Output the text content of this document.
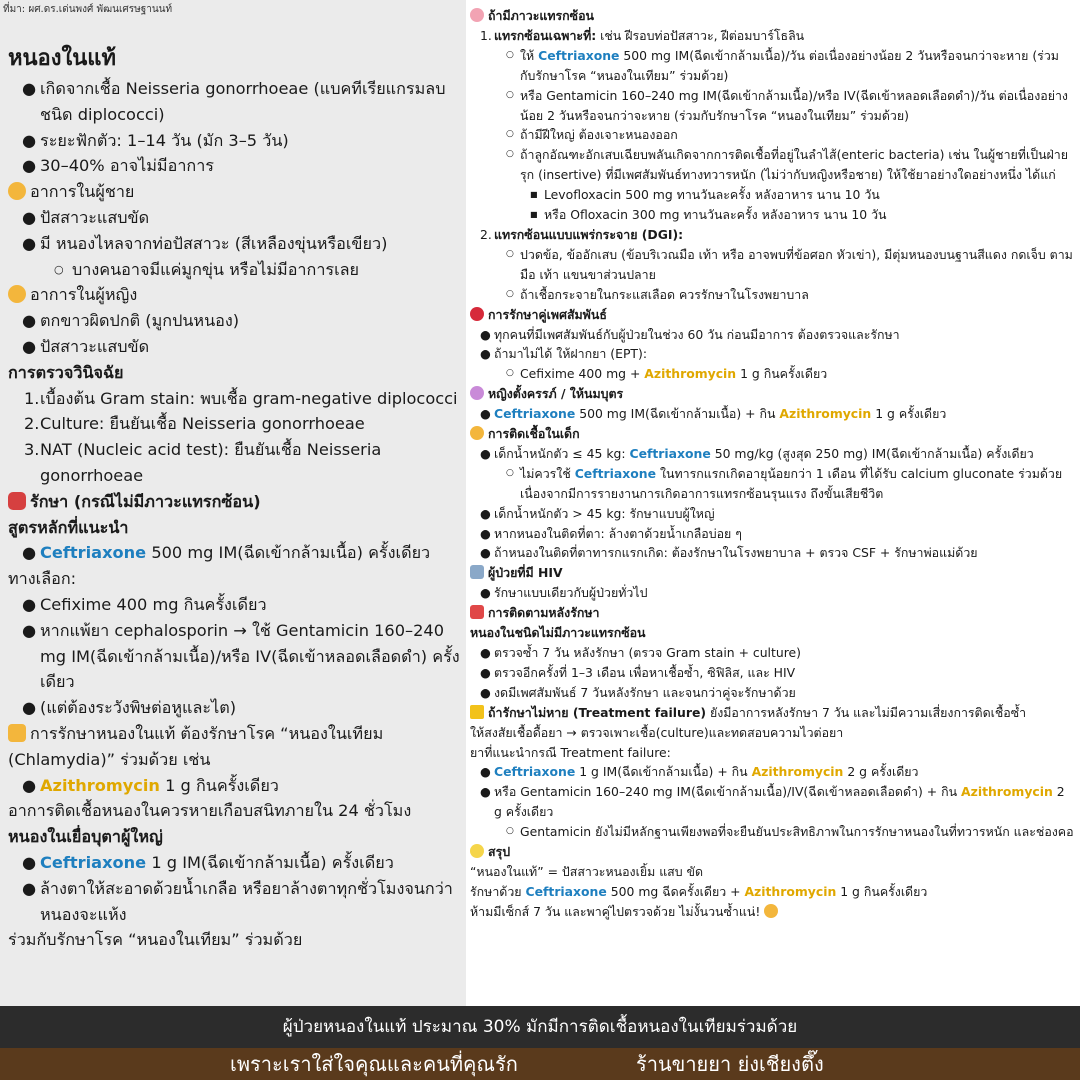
ที่มา: ผศ.ดร.เด่นพงศ์ พัฒนเศรษฐานนท์
หนองในแท้
● เกิดจากเชื้อ Neisseria gonorrhoeae (แบคทีเรียแกรมลบชนิด diplococci)
● ระยะฟักตัว: 1–14 วัน (มัก 3–5 วัน)
● 30–40% อาจไม่มีอาการ
อาการในผู้ชาย
● ปัสสาวะแสบขัด
● มี หนองไหลจากท่อปัสสาวะ (สีเหลืองขุ่นหรือเขียว)
○ บางคนอาจมีแค่มูกขุ่น หรือไม่มีอาการเลย
อาการในผู้หญิง
● ตกขาวผิดปกติ (มูกปนหนอง)
● ปัสสาวะแสบขัด
การตรวจวินิจฉัย
1. เบื้องต้น Gram stain: พบเชื้อ gram-negative diplococci
2. Culture: ยืนยันเชื้อ Neisseria gonorrhoeae
3. NAT (Nucleic acid test): ยืนยันเชื้อ Neisseria gonorrhoeae
รักษา (กรณีไม่มีภาวะแทรกซ้อน)
สูตรหลักที่แนะนำ
● Ceftriaxone 500 mg IM(ฉีดเข้ากล้ามเนื้อ) ครั้งเดียว
ทางเลือก:
● Cefixime 400 mg กินครั้งเดียว
● หากแพ้ยา cephalosporin → ใช้ Gentamicin 160–240 mg IM(ฉีดเข้ากล้ามเนื้อ)/หรือ IV(ฉีดเข้าหลอดเลือดดำ) ครั้งเดียว
● (แต่ต้องระวังพิษต่อหูและไต)
การรักษาหนองในแท้ ต้องรักษาโรค “หนองในเทียม (Chlamydia)” ร่วมด้วย เช่น
● Azithromycin 1 g กินครั้งเดียว
อาการติดเชื้อหนองในควรหายเกือบสนิทภายใน 24 ชั่วโมง
หนองในเยื่อบุตาผู้ใหญ่
● Ceftriaxone 1 g IM(ฉีดเข้ากล้ามเนื้อ) ครั้งเดียว
● ล้างตาให้สะอาดด้วยน้ำเกลือ หรือยาล้างตาทุกชั่วโมงจนกว่าหนองจะแห้ง
ร่วมกับรักษาโรค “หนองในเทียม” ร่วมด้วย
ถ้ามีภาวะแทรกซ้อน
1. แทรกซ้อนเฉพาะที่: เช่น ฝีรอบท่อปัสสาวะ, ฝีต่อมบาร์โธลิน
○ ให้ Ceftriaxone 500 mg IM(ฉีดเข้ากล้ามเนื้อ)/วัน ต่อเนื่องอย่างน้อย 2 วันหรือจนกว่าจะหาย (ร่วมกับรักษาโรค “หนองในเทียม” ร่วมด้วย)
○ หรือ Gentamicin 160–240 mg IM(ฉีดเข้ากล้ามเนื้อ)/หรือ IV(ฉีดเข้าหลอดเลือดดำ)/วัน ต่อเนื่องอย่างน้อย 2 วันหรือจนกว่าจะหาย (ร่วมกับรักษาโรค “หนองในเทียม” ร่วมด้วย)
○ ถ้ามีฝีใหญ่ ต้องเจาะหนองออก
○ ถ้าลูกอัณฑะอักเสบเฉียบพลันเกิดจากการติดเชื้อที่อยู่ในลำไส้(enteric bacteria) เช่น ในผู้ชายที่เป็นฝ่ายรุก (insertive) ที่มีเพศสัมพันธ์ทางทวารหนัก (ไม่ว่ากับหญิงหรือชาย) ให้ใช้ยาอย่างใดอย่างหนึ่ง ได้แก่
■ Levofloxacin 500 mg ทานวันละครั้ง หลังอาหาร นาน 10 วัน
■ หรือ Ofloxacin 300 mg ทานวันละครั้ง หลังอาหาร นาน 10 วัน
2. แทรกซ้อนแบบแพร่กระจาย (DGI):
○ ปวดข้อ, ข้ออักเสบ (ข้อบริเวณมือ เท้า หรือ อาจพบที่ข้อศอก หัวเข่า), มีตุ่มหนองบนฐานสีแดง กดเจ็บ ตามมือ เท้า แขนขาส่วนปลาย
○ ถ้าเชื้อกระจายในกระแสเลือด ควรรักษาในโรงพยาบาล
การรักษาคู่เพศสัมพันธ์
● ทุกคนที่มีเพศสัมพันธ์กับผู้ป่วยในช่วง 60 วัน ก่อนมีอาการ ต้องตรวจและรักษา
● ถ้ามาไม่ได้ ให้ฝากยา (EPT):
○ Cefixime 400 mg + Azithromycin 1 g กินครั้งเดียว
หญิงตั้งครรภ์ / ให้นมบุตร
● Ceftriaxone 500 mg IM(ฉีดเข้ากล้ามเนื้อ) + กิน Azithromycin 1 g ครั้งเดียว
การติดเชื้อในเด็ก
● เด็กน้ำหนักตัว ≤ 45 kg: Ceftriaxone 50 mg/kg (สูงสุด 250 mg) IM(ฉีดเข้ากล้ามเนื้อ) ครั้งเดียว
○ ไม่ควรใช้ Ceftriaxone ในทารกแรกเกิดอายุน้อยกว่า 1 เดือน ที่ได้รับ calcium gluconate ร่วมด้วย เนื่องจากมีการรายงานการเกิดอาการแทรกซ้อนรุนแรง ถึงขั้นเสียชีวิต
● เด็กน้ำหนักตัว > 45 kg: รักษาแบบผู้ใหญ่
● หากหนองในติดที่ตา: ล้างตาด้วยน้ำเกลือบ่อย ๆ
● ถ้าหนองในติดที่ตาทารกแรกเกิด: ต้องรักษาในโรงพยาบาล + ตรวจ CSF + รักษาพ่อแม่ด้วย
ผู้ป่วยที่มี HIV
● รักษาแบบเดียวกับผู้ป่วยทั่วไป
การติดตามหลังรักษา
หนองในชนิดไม่มีภาวะแทรกซ้อน
● ตรวจซ้ำ 7 วัน หลังรักษา (ตรวจ Gram stain + culture)
● ตรวจอีกครั้งที่ 1–3 เดือน เพื่อหาเชื้อซ้ำ, ซิฟิลิส, และ HIV
● งดมีเพศสัมพันธ์ 7 วันหลังรักษา และจนกว่าคู่จะรักษาด้วย
ถ้ารักษาไม่หาย (Treatment failure) ยังมีอาการหลังรักษา 7 วัน และไม่มีความเสี่ยงการติดเชื้อซ้ำ
ให้สงสัยเชื้อดื้อยา → ตรวจเพาะเชื้อ(culture)และทดสอบความไวต่อยา
ยาที่แนะนำกรณี Treatment failure:
● Ceftriaxone 1 g IM(ฉีดเข้ากล้ามเนื้อ) + กิน Azithromycin 2 g ครั้งเดียว
● หรือ Gentamicin 160–240 mg IM(ฉีดเข้ากล้ามเนื้อ)/IV(ฉีดเข้าหลอดเลือดดำ) + กิน Azithromycin 2 g ครั้งเดียว
○ Gentamicin ยังไม่มีหลักฐานเพียงพอที่จะยืนยันประสิทธิภาพในการรักษาหนองในที่ทวารหนัก และช่องคอ
สรุป
“หนองในแท้” = ปัสสาวะหนองเยิ้ม แสบ ขัด
รักษาด้วย Ceftriaxone 500 mg ฉีดครั้งเดียว + Azithromycin 1 g กินครั้งเดียว
ห้ามมีเซ็กส์ 7 วัน และพาคู่ไปตรวจด้วย ไม่งั้นวนซ้ำแน่!
ผู้ป่วยหนองในแท้ ประมาณ 30% มักมีการติดเชื้อหนองในเทียมร่วมด้วย
เพราะเราใส่ใจคุณและคนที่คุณรัก	ร้านขายยา ย่งเชียงตึ๊ง
